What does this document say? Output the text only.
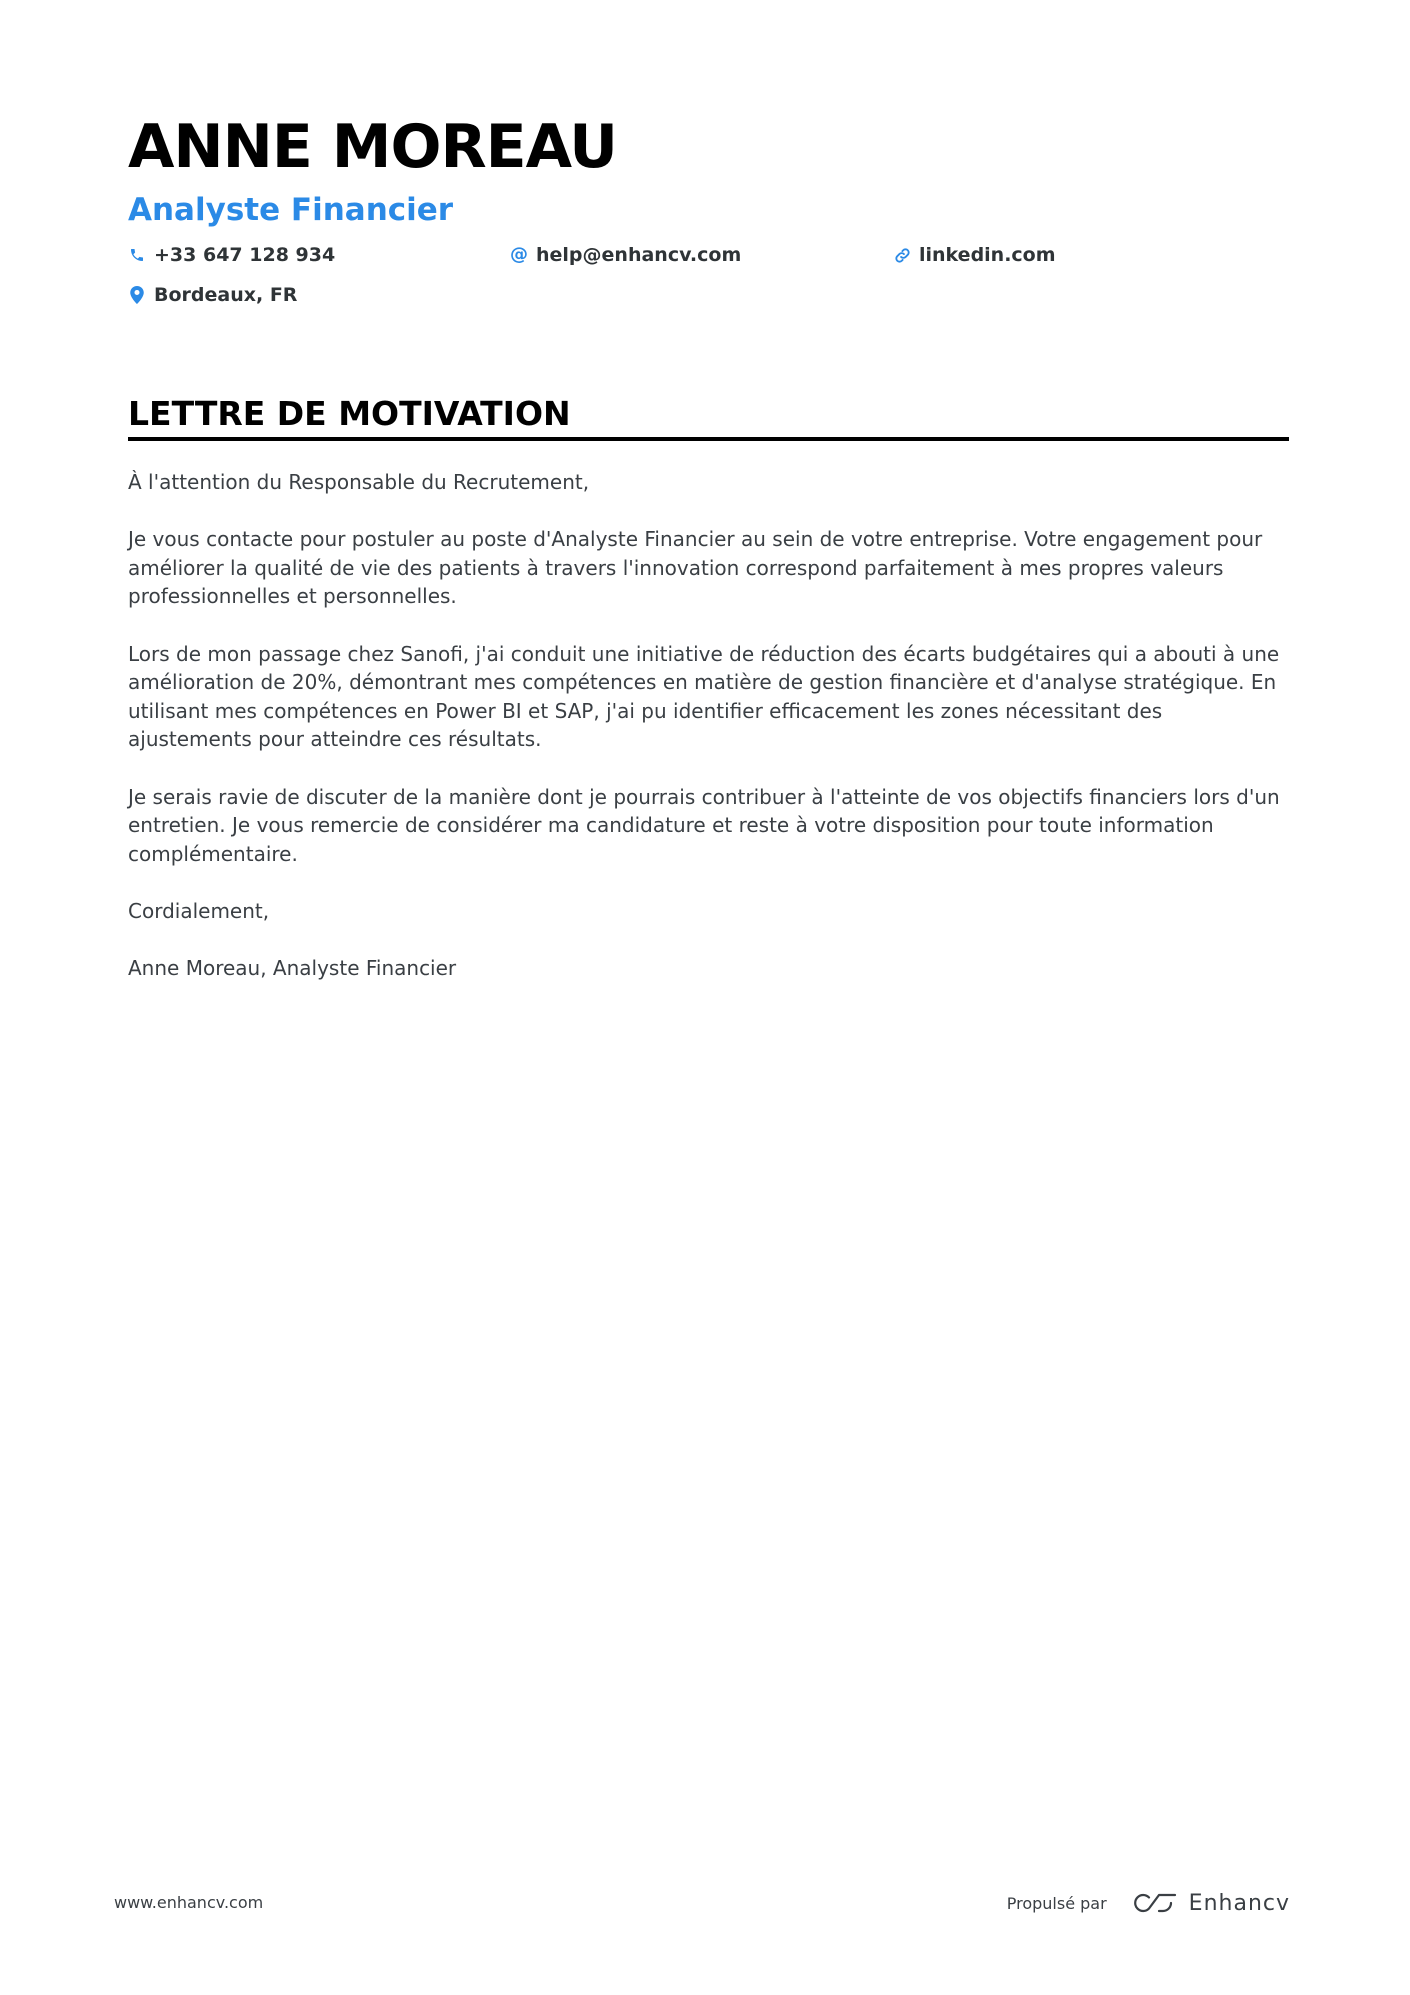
ANNE MOREAU
Analyste Financier
+33 647 128 934	@ help@enhancv.com	linkedin.com
Bordeaux, FR
LETTRE DE MOTIVATION

À l'attention du Responsable du Recrutement,

Je vous contacte pour postuler au poste d'Analyste Financier au sein de votre entreprise. Votre engagement pour améliorer la qualité de vie des patients à travers l'innovation correspond parfaitement à mes propres valeurs professionnelles et personnelles.

Lors de mon passage chez Sanofi, j'ai conduit une initiative de réduction des écarts budgétaires qui a abouti à une amélioration de 20%, démontrant mes compétences en matière de gestion financière et d'analyse stratégique. En utilisant mes compétences en Power BI et SAP, j'ai pu identifier efficacement les zones nécessitant des ajustements pour atteindre ces résultats.

Je serais ravie de discuter de la manière dont je pourrais contribuer à l'atteinte de vos objectifs financiers lors d'un entretien. Je vous remercie de considérer ma candidature et reste à votre disposition pour toute information complémentaire.

Cordialement,

Anne Moreau, Analyste Financier

www.enhancv.com	Propulsé par	Enhancv
